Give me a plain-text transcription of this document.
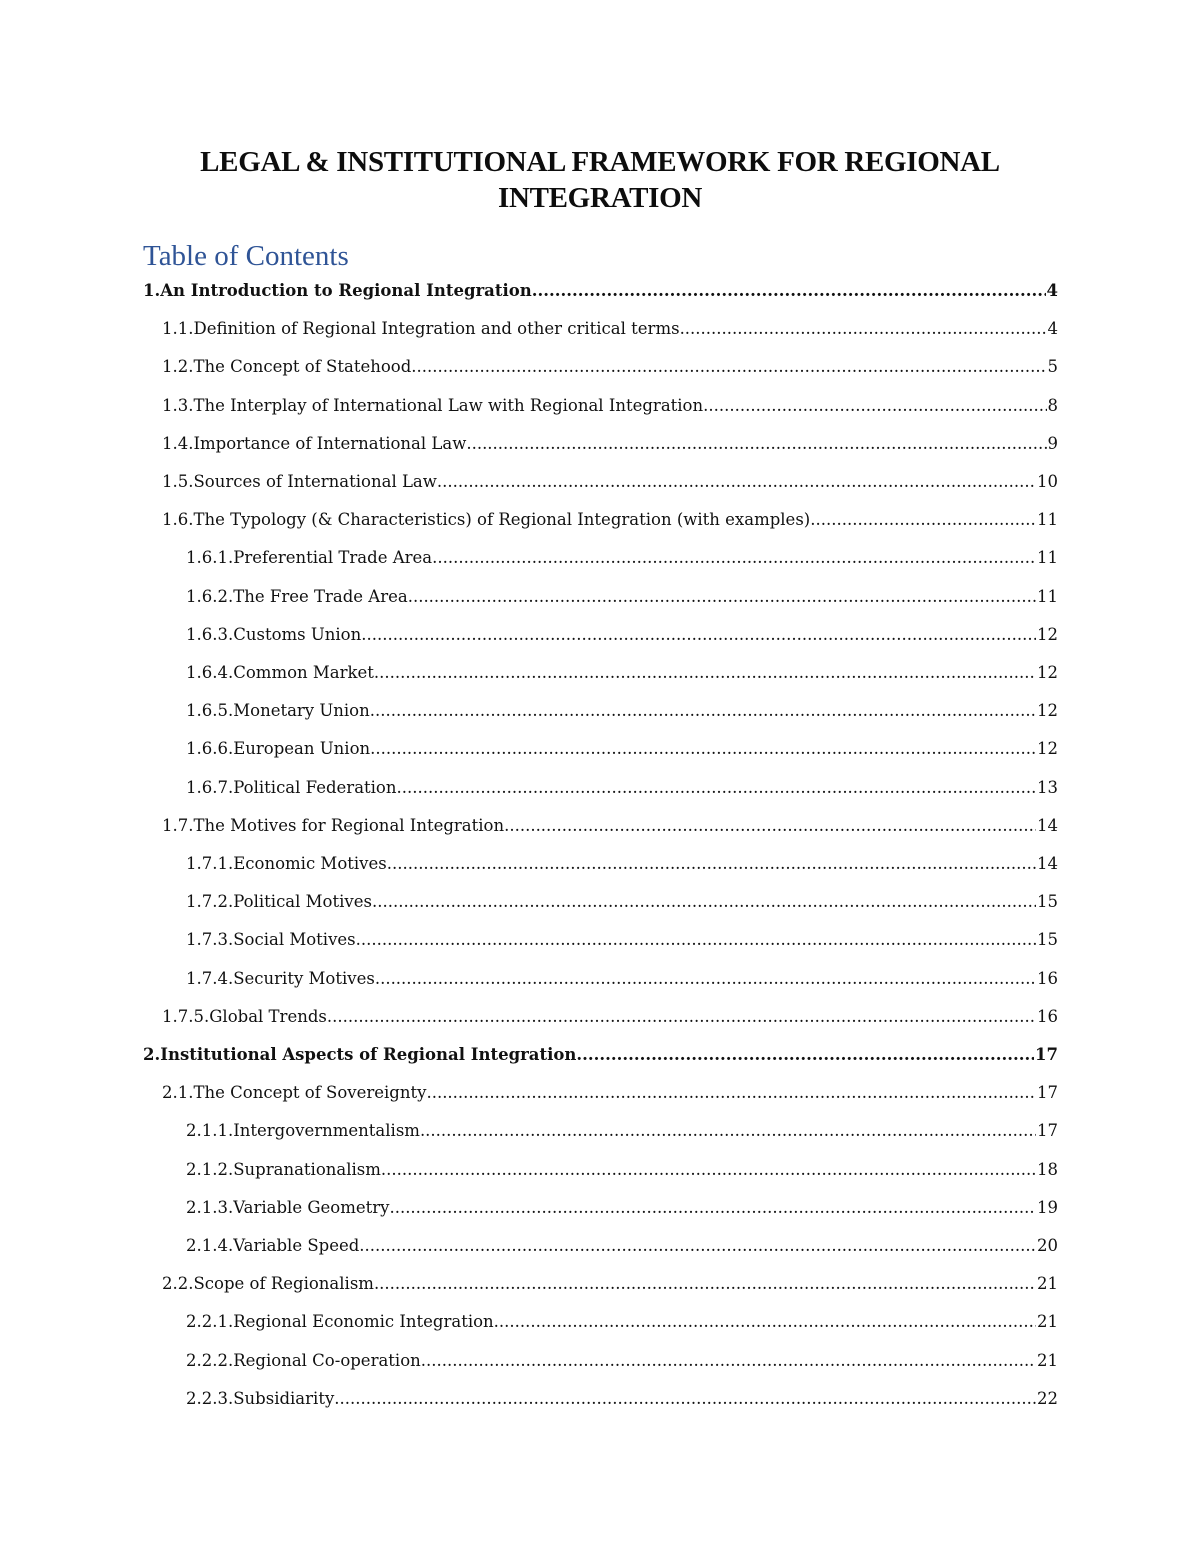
LEGAL & INSTITUTIONAL FRAMEWORK FOR REGIONAL INTEGRATION
Table of Contents
1. An Introduction to Regional Integration .....	4
1.1. Definition of Regional Integration and other critical terms .....	4
1.2. The Concept of Statehood .....	5
1.3. The Interplay of International Law with Regional Integration .....	8
1.4. Importance of International Law .....	9
1.5. Sources of International Law .....	10
1.6. The Typology (& Characteristics) of Regional Integration (with examples) .....	11
1.6.1. Preferential Trade Area .....	11
1.6.2. The Free Trade Area .....	11
1.6.3. Customs Union .....	12
1.6.4. Common Market .....	12
1.6.5. Monetary Union .....	12
1.6.6. European Union .....	12
1.6.7. Political Federation .....	13
1.7. The Motives for Regional Integration .....	14
1.7.1. Economic Motives .....	14
1.7.2. Political Motives .....	15
1.7.3. Social Motives .....	15
1.7.4. Security Motives .....	16
1.7.5. Global Trends .....	16
2. Institutional Aspects of Regional Integration .....	17
2.1. The Concept of Sovereignty .....	17
2.1.1. Intergovernmentalism .....	17
2.1.2. Supranationalism .....	18
2.1.3. Variable Geometry .....	19
2.1.4. Variable Speed .....	20
2.2. Scope of Regionalism .....	21
2.2.1. Regional Economic Integration .....	21
2.2.2. Regional Co-operation .....	21
2.2.3. Subsidiarity .....	22
